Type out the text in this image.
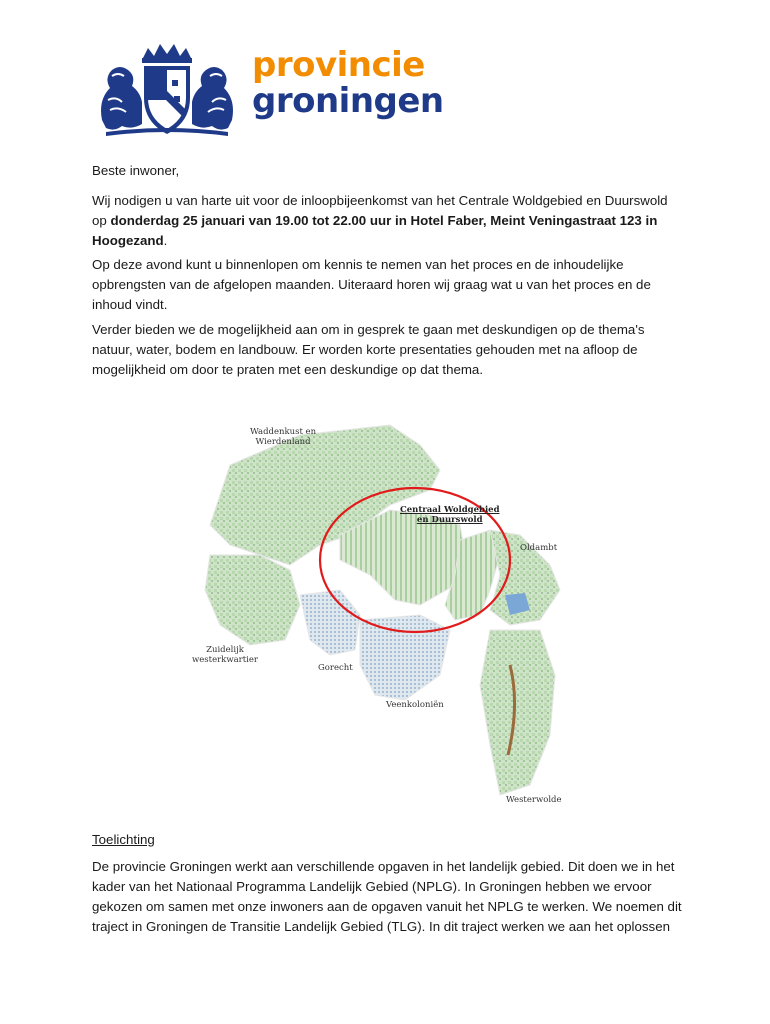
provincie
groningen

Beste inwoner,

Wij nodigen u van harte uit voor de inloopbijeenkomst van het Centrale Woldgebied en Duurswold op donderdag 25 januari van 19.00 tot 22.00 uur in Hotel Faber, Meint Veningastraat 123 in Hoogezand.

Op deze avond kunt u binnenlopen om kennis te nemen van het proces en de inhoudelijke opbrengsten van de afgelopen maanden. Uiteraard horen wij graag wat u van het proces en de inhoud vindt.

Verder bieden we de mogelijkheid aan om in gesprek te gaan met deskundigen op de thema's natuur, water, bodem en landbouw. Er worden korte presentaties gehouden met na afloop de mogelijkheid om door te praten met een deskundige op dat thema.

Waddenkust en
Wierdenland
Centraal Woldgebied
en Duurswold
Oldambt
Zuidelijk
westerkwartier
Gorecht
Veenkoloniën
Westerwolde

Toelichting

De provincie Groningen werkt aan verschillende opgaven in het landelijk gebied. Dit doen we in het kader van het Nationaal Programma Landelijk Gebied (NPLG). In Groningen hebben we ervoor gekozen om samen met onze inwoners aan de opgaven vanuit het NPLG te werken. We noemen dit traject in Groningen de Transitie Landelijk Gebied (TLG). In dit traject werken we aan het oplossen
